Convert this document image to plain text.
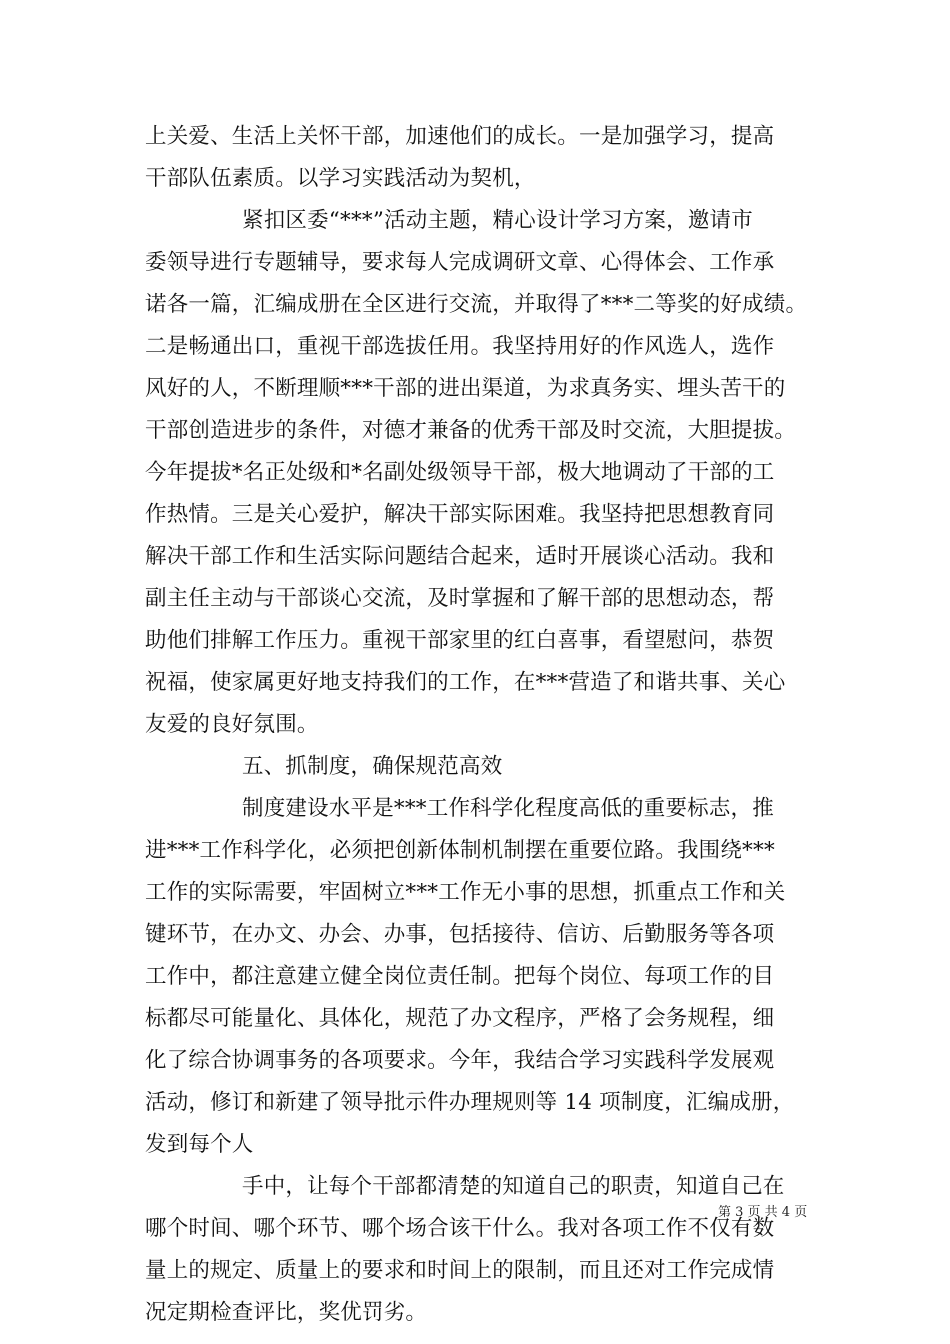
上关爱、生活上关怀干部，加速他们的成长。一是加强学习，提高
干部队伍素质。以学习实践活动为契机，
紧扣区委“***”活动主题，精心设计学习方案，邀请市
委领导进行专题辅导，要求每人完成调研文章、心得体会、工作承
诺各一篇，汇编成册在全区进行交流，并取得了***二等奖的好成绩。
二是畅通出口，重视干部选拔任用。我坚持用好的作风选人，选作
风好的人，不断理顺***干部的进出渠道，为求真务实、埋头苦干的
干部创造进步的条件，对德才兼备的优秀干部及时交流，大胆提拔。
今年提拔*名正处级和*名副处级领导干部，极大地调动了干部的工
作热情。三是关心爱护，解决干部实际困难。我坚持把思想教育同
解决干部工作和生活实际问题结合起来，适时开展谈心活动。我和
副主任主动与干部谈心交流，及时掌握和了解干部的思想动态，帮
助他们排解工作压力。重视干部家里的红白喜事，看望慰问，恭贺
祝福，使家属更好地支持我们的工作，在***营造了和谐共事、关心
友爱的良好氛围。
五、抓制度，确保规范高效
制度建设水平是***工作科学化程度高低的重要标志，推
进***工作科学化，必须把创新体制机制摆在重要位路。我围绕***
工作的实际需要，牢固树立***工作无小事的思想，抓重点工作和关
键环节，在办文、办会、办事，包括接待、信访、后勤服务等各项
工作中，都注意建立健全岗位责任制。把每个岗位、每项工作的目
标都尽可能量化、具体化，规范了办文程序，严格了会务规程，细
化了综合协调事务的各项要求。今年，我结合学习实践科学发展观
活动，修订和新建了领导批示件办理规则等 14 项制度，汇编成册，
发到每个人
手中，让每个干部都清楚的知道自己的职责，知道自己在
哪个时间、哪个环节、哪个场合该干什么。我对各项工作不仅有数
量上的规定、质量上的要求和时间上的限制，而且还对工作完成情
况定期检查评比，奖优罚劣。
第 3 页 共 4 页
